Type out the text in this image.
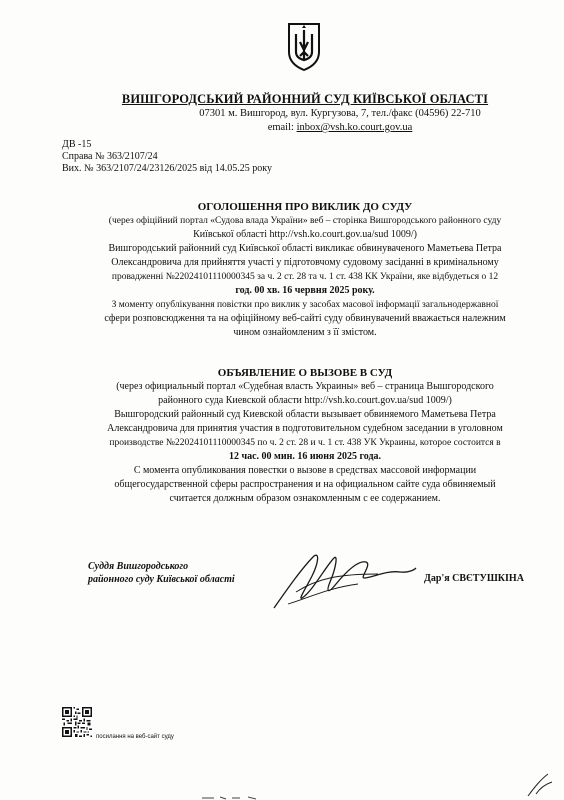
ВИШГОРОДСЬКИЙ РАЙОННИЙ СУД КИЇВСЬКОЇ ОБЛАСТІ
07301 м. Вишгород, вул. Кургузова, 7, тел./факс (04596) 22-710
email: inbox@vsh.ko.court.gov.ua
ДВ -15
Справа № 363/2107/24
Вих. № 363/2107/24/23126/2025 від 14.05.25 року
ОГОЛОШЕННЯ ПРО ВИКЛИК ДО СУДУ
(через офіційний портал «Судова влада України» веб – сторінка Вишгородського районного суду
Київської області http://vsh.ko.court.gov.ua/sud 1009/)
Вишгородський районний суд Київської області викликає обвинуваченого Маметьева Петра
Олександровича для прийняття участі у підготовчому судовому засіданні в кримінальному
провадженні №22024101110000345 за ч. 2 ст. 28 та ч. 1 ст. 438 КК України, яке відбудеться о 12
год. 00 хв. 16 червня 2025 року.
З моменту опублікування повістки про виклик у засобах масової інформації загальнодержавної
сфери розповсюдження та на офіційному веб-сайті суду обвинувачений вважається належним
чином ознайомленим з її змістом.
ОБЪЯВЛЕНИЕ О ВЫЗОВЕ В СУД
(через официальный портал «Судебная власть Украины» веб – страница Вышгородского
районного суда Киевской области http://vsh.ko.court.gov.ua/sud 1009/)
Вышгородский районный суд Киевской области вызывает обвиняемого Маметьева Петра
Александровича для принятия участия в подготовительном судебном заседании в уголовном
производстве №22024101110000345 по ч. 2 ст. 28 и ч. 1 ст. 438 УК Украины, которое состоится в
12 час. 00 мин. 16 июня 2025 года.
С момента опубликования повестки о вызове в средствах массовой информации
общегосударственной сферы распространения и на официальном сайте суда обвиняемый
считается должным образом ознакомленным с ее содержанием.
Суддя Вишгородського
районного суду Київської області	Дар'я СВЄТУШКІНА
посилання на веб-сайт суду
